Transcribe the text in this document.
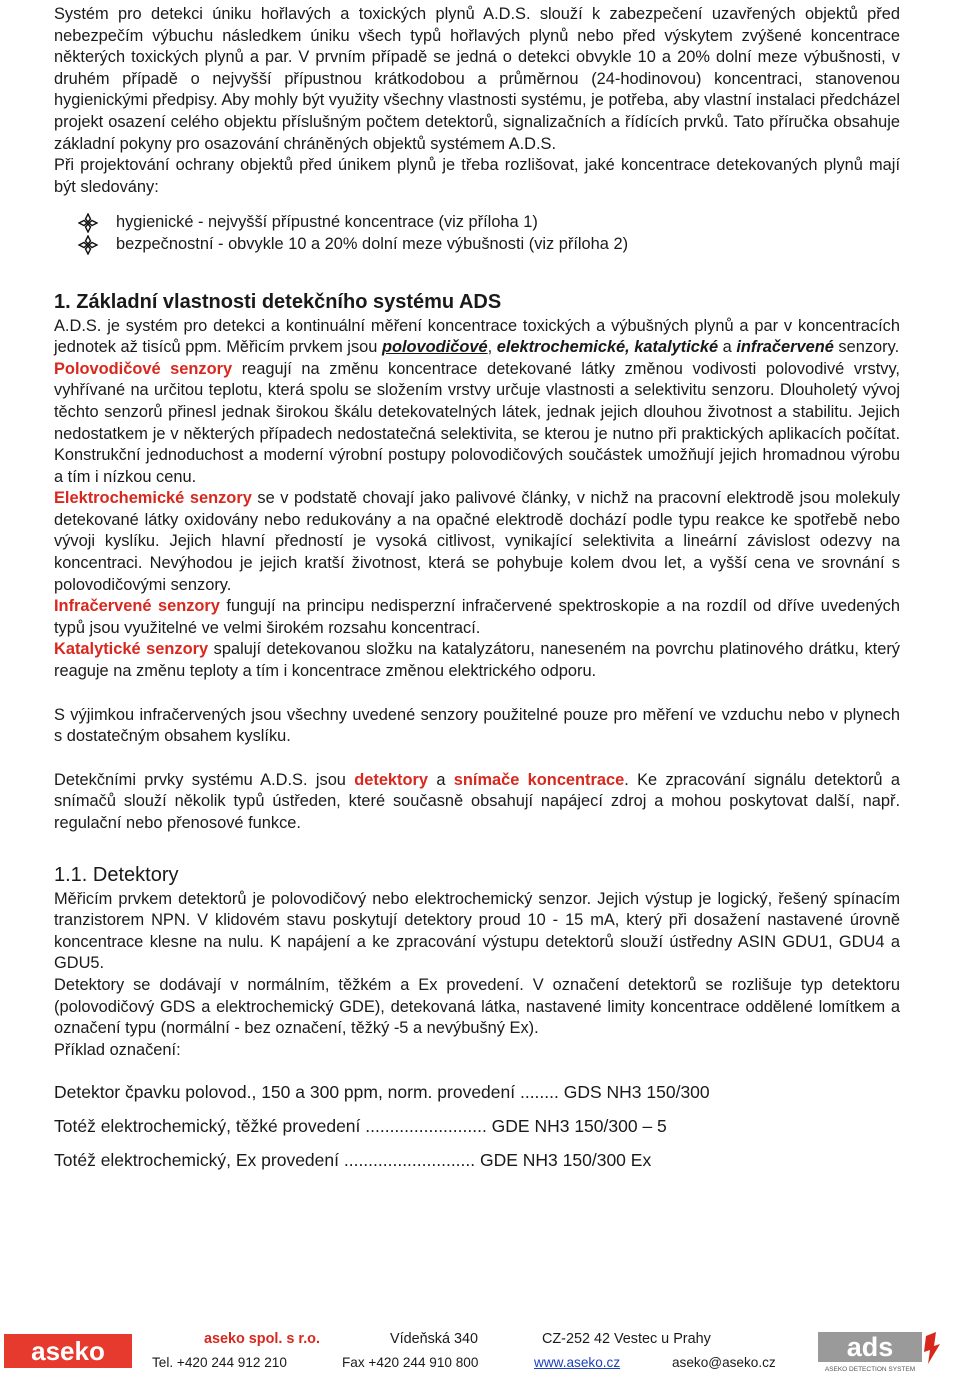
Systém pro detekci úniku hořlavých a toxických plynů A.D.S. slouží k zabezpečení uzavřených objektů před nebezpečím výbuchu následkem úniku všech typů hořlavých plynů nebo před výskytem zvýšené koncentrace některých toxických plynů a par. V prvním případě se jedná o detekci obvykle 10 a 20% dolní meze výbušnosti, v druhém případě o nejvyšší přípustnou krátkodobou a průměrnou (24-hodinovou) koncentraci, stanovenou hygienickými předpisy. Aby mohly být využity všechny vlastnosti systému, je potřeba, aby vlastní instalaci předcházel projekt osazení celého objektu příslušným počtem detektorů, signalizačních a řídících prvků. Tato příručka obsahuje základní pokyny pro osazování chráněných objektů systémem A.D.S.

Při projektování ochrany objektů před únikem plynů je třeba rozlišovat, jaké koncentrace detekovaných plynů mají být sledovány:

hygienické - nejvyšší přípustné koncentrace (viz příloha 1)
bezpečnostní - obvykle 10 a 20% dolní meze výbušnosti (viz příloha 2)
1. Základní vlastnosti detekčního systému ADS

A.D.S. je systém pro detekci a kontinuální měření koncentrace toxických a výbušných plynů a par v koncentracích jednotek až tisíců ppm. Měřicím prvkem jsou polovodičové, elektrochemické, katalytické a infračervené senzory.

Polovodičové senzory reagují na změnu koncentrace detekované látky změnou vodivosti polovodivé vrstvy, vyhřívané na určitou teplotu, která spolu se složením vrstvy určuje vlastnosti a selektivitu senzoru. Dlouholetý vývoj těchto senzorů přinesl jednak širokou škálu detekovatelných látek, jednak jejich dlouhou životnost a stabilitu. Jejich nedostatkem je v některých případech nedostatečná selektivita, se kterou je nutno při praktických aplikacích počítat. Konstrukční jednoduchost a moderní výrobní postupy polovodičových součástek umožňují jejich hromadnou výrobu a tím i nízkou cenu.

Elektrochemické senzory se v podstatě chovají jako palivové články, v nichž na pracovní elektrodě jsou molekuly detekované látky oxidovány nebo redukovány a na opačné elektrodě dochází podle typu reakce ke spotřebě nebo vývoji kyslíku. Jejich hlavní předností je vysoká citlivost, vynikající selektivita a lineární závislost odezvy na koncentraci. Nevýhodou je jejich kratší životnost, která se pohybuje kolem dvou let, a vyšší cena ve srovnání s polovodičovými senzory.

Infračervené senzory fungují na principu nedisperzní infračervené spektroskopie a na rozdíl od dříve uvedených typů jsou využitelné ve velmi širokém rozsahu koncentrací.

Katalytické senzory spalují detekovanou složku na katalyzátoru, naneseném na povrchu platinového drátku, který reaguje na změnu teploty a tím i koncentrace změnou elektrického odporu.

S výjimkou infračervených jsou všechny uvedené senzory použitelné pouze pro měření ve vzduchu nebo v plynech s dostatečným obsahem kyslíku.

Detekčními prvky systému A.D.S. jsou detektory a snímače koncentrace. Ke zpracování signálu detektorů a snímačů slouží několik typů ústředen, které současně obsahují napájecí zdroj a mohou poskytovat další, např. regulační nebo přenosové funkce.

1.1. Detektory

Měřicím prvkem detektorů je polovodičový nebo elektrochemický senzor. Jejich výstup je logický, řešený spínacím tranzistorem NPN. V klidovém stavu poskytují detektory proud 10 - 15 mA, který při dosažení nastavené úrovně koncentrace klesne na nulu. K napájení a ke zpracování výstupu detektorů slouží ústředny ASIN GDU1, GDU4 a GDU5.

Detektory se dodávají v normálním, těžkém a Ex provedení. V označení detektorů se rozlišuje typ detektoru (polovodičový GDS a elektrochemický GDE), detekovaná látka, nastavené limity koncentrace oddělené lomítkem a označení typu (normální - bez označení, těžký -5 a nevýbušný Ex).

Příklad označení:

Detektor čpavku polovod., 150 a 300 ppm, norm. provedení ........ GDS NH3 150/300
Totéž elektrochemický, těžké provedení ......................... GDE NH3 150/300 – 5
Totéž elektrochemický, Ex provedení ........................... GDE NH3 150/300 Ex
aseko	aseko spol. s r.o.	Vídeňská 340	CZ-252 42 Vestec u Prahy
Tel. +420 244 912 210	Fax +420 244 910 800	www.aseko.cz	aseko@aseko.cz
ads
ASEKO DETECTION SYSTEM
